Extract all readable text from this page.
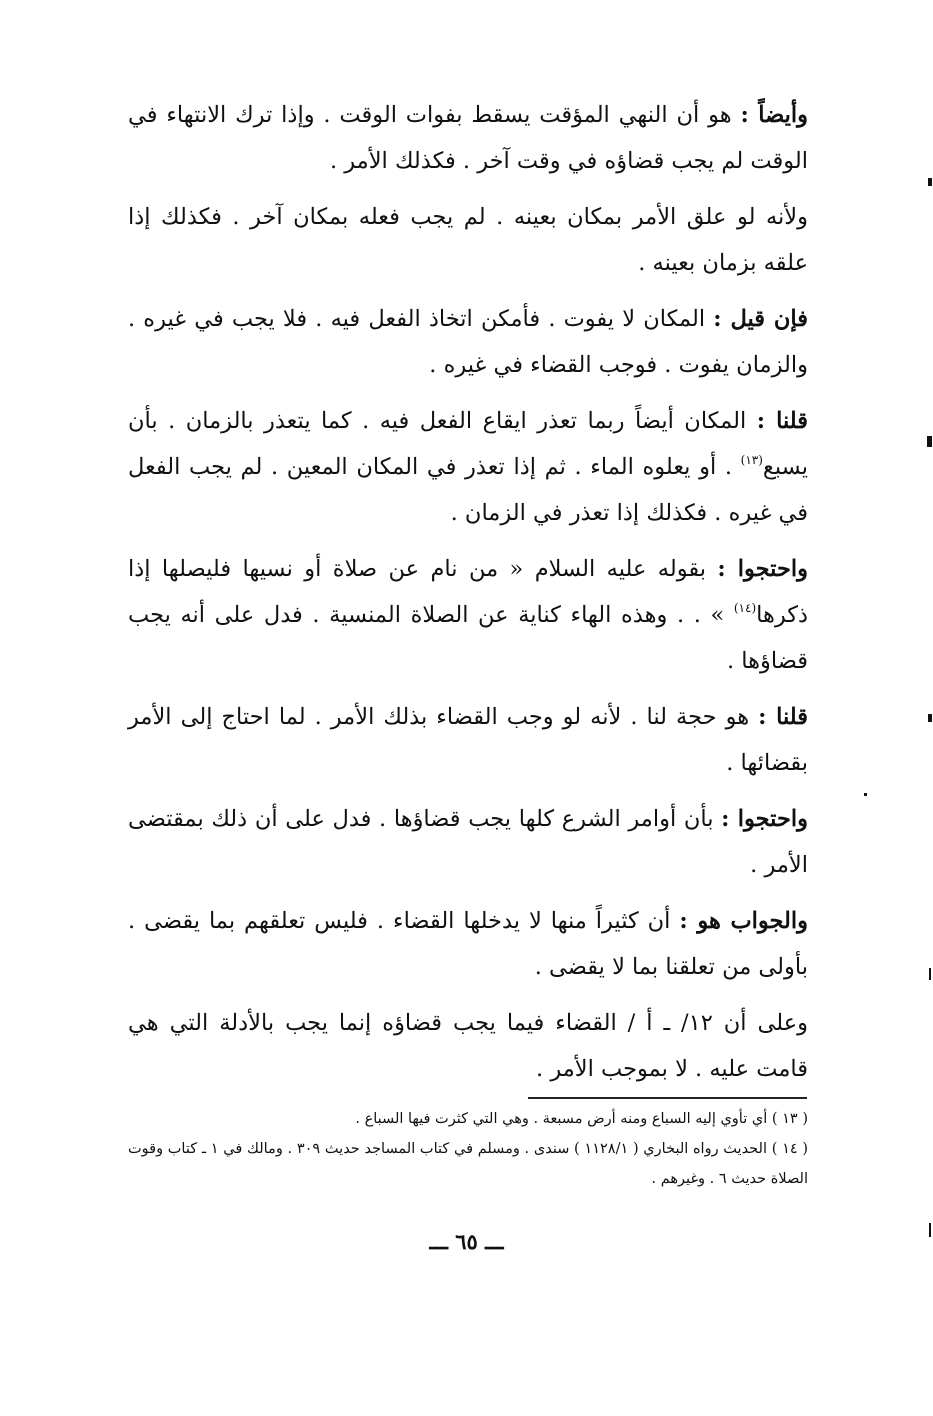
وأيضاً : هو أن النهي المؤقت يسقط بفوات الوقت . وإذا ترك الانتهاء في الوقت لم يجب قضاؤه في وقت آخر . فكذلك الأمر .

ولأنه لو علق الأمر بمكان بعينه . لم يجب فعله بمكان آخر . فكذلك إذا علقه بزمان بعينه .

فإن قيل : المكان لا يفوت . فأمكن اتخاذ الفعل فيه . فلا يجب في غيره . والزمان يفوت . فوجب القضاء في غيره .

قلنا : المكان أيضاً ربما تعذر ايقاع الفعل فيه . كما يتعذر بالزمان . بأن يسبع$^{(١٣)}$ . أو يعلوه الماء . ثم إذا تعذر في المكان المعين . لم يجب الفعل في غيره . فكذلك إذا تعذر في الزمان .

واحتجوا : بقوله عليه السلام « من نام عن صلاة أو نسيها فليصلها إذا ذكرها$^{(١٤)}$ » . . وهذه الهاء كناية عن الصلاة المنسية . فدل على أنه يجب قضاؤها .

قلنا : هو حجة لنا . لأنه لو وجب القضاء بذلك الأمر . لما احتاج إلى الأمر بقضائها .

واحتجوا : بأن أوامر الشرع كلها يجب قضاؤها . فدل على أن ذلك بمقتضى الأمر .

والجواب هو : أن كثيراً منها لا يدخلها القضاء . فليس تعلقهم بما يقضى . بأولى من تعلقنا بما لا يقضى .

وعلى أن ١٢/ ـ أ / القضاء فيما يجب قضاؤه إنما يجب بالأدلة التي هي قامت عليه . لا بموجب الأمر .

( ١٣ ) أي تأوي إليه السباع ومنه أرض مسبعة . وهي التي كثرت فيها السباع .

( ١٤ ) الحديث رواه البخاري ( ١١٢٨/١ ) سندى . ومسلم في كتاب المساجد حديث ٣٠٩ . ومالك في ١ ـ كتاب وقوت الصلاة حديث ٦ . وغيرهم .

ـــ ٦٥ ـــ
